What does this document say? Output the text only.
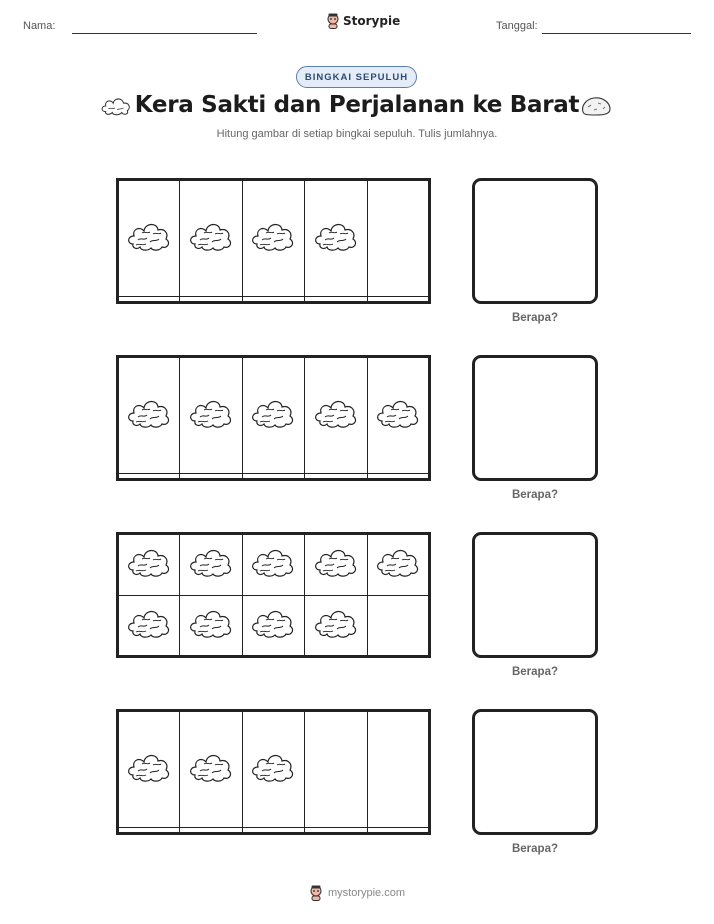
Nama:	Storypie	Tanggal:
BINGKAI SEPULUH
Kera Sakti dan Perjalanan ke Barat
Hitung gambar di setiap bingkai sepuluh. Tulis jumlahnya.

Berapa?

Berapa?

Berapa?

Berapa?
mystorypie.com
